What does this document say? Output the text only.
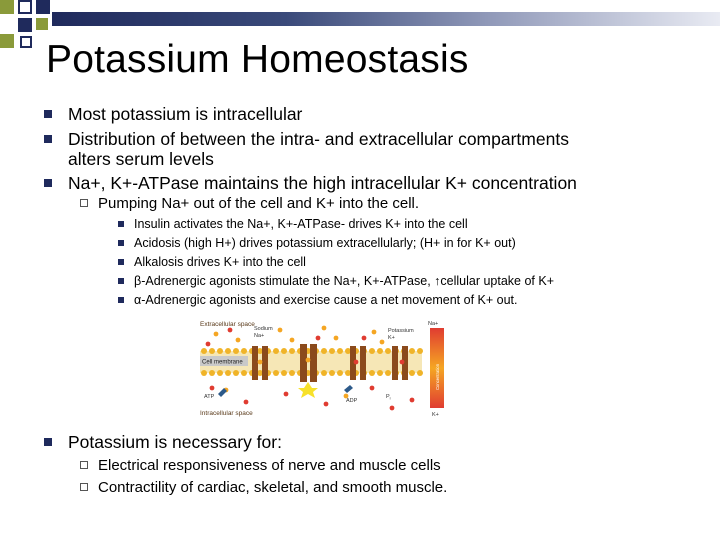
Potassium Homeostasis
Most potassium is intracellular
Distribution of between the intra- and extracellular compartments
alters serum levels
Na+, K+-ATPase maintains the high intracellular K+ concentration
Pumping Na+ out of the cell and K+ into the cell.
Insulin activates the Na+, K+-ATPase- drives K+ into the cell
Acidosis (high H+) drives potassium extracellularly; (H+ in for K+ out)
Alkalosis drives K+ into the cell
β-Adrenergic agonists stimulate the Na+, K+-ATPase, ↑cellular uptake of K+
α-Adrenergic agonists and exercise cause a net movement of K+ out.
Extracellular space
Intracellular space
Cell membrane
Sodium
Na+
Potassium
K+
ATP
ADP
$P_i$
Na+
Concentration
K+
Potassium is necessary for:
Electrical responsiveness of nerve and muscle cells
Contractility of cardiac, skeletal, and smooth muscle.
